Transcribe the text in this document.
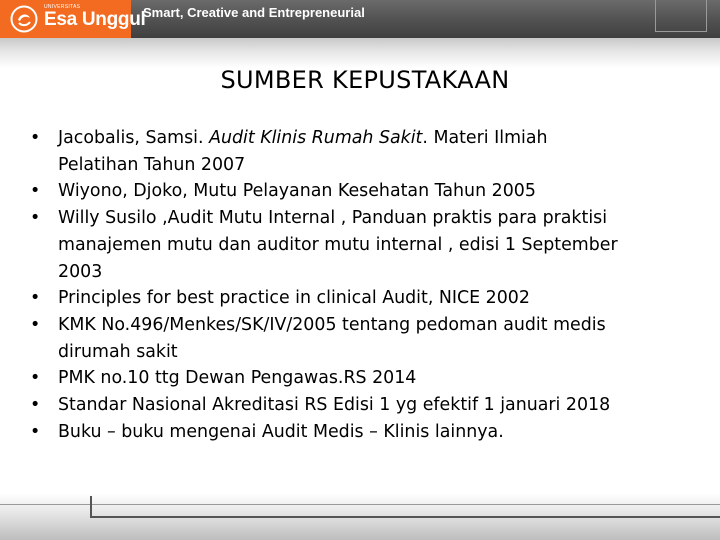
UNIVERSITAS
Esa Unggul
Smart, Creative and Entrepreneurial
SUMBER KEPUSTAKAAN
• Jacobalis, Samsi. Audit Klinis Rumah Sakit. Materi Ilmiah
Pelatihan Tahun 2007
• Wiyono, Djoko, Mutu Pelayanan Kesehatan Tahun 2005
• Willy Susilo ,Audit Mutu Internal , Panduan praktis para praktisi
manajemen mutu dan auditor mutu internal , edisi 1 September
2003
• Principles for best practice in clinical Audit, NICE 2002
• KMK No.496/Menkes/SK/IV/2005 tentang pedoman audit medis
dirumah sakit
• PMK no.10 ttg Dewan Pengawas.RS 2014
• Standar Nasional Akreditasi RS Edisi 1 yg efektif 1 januari 2018
• Buku – buku mengenai Audit Medis – Klinis lainnya.
